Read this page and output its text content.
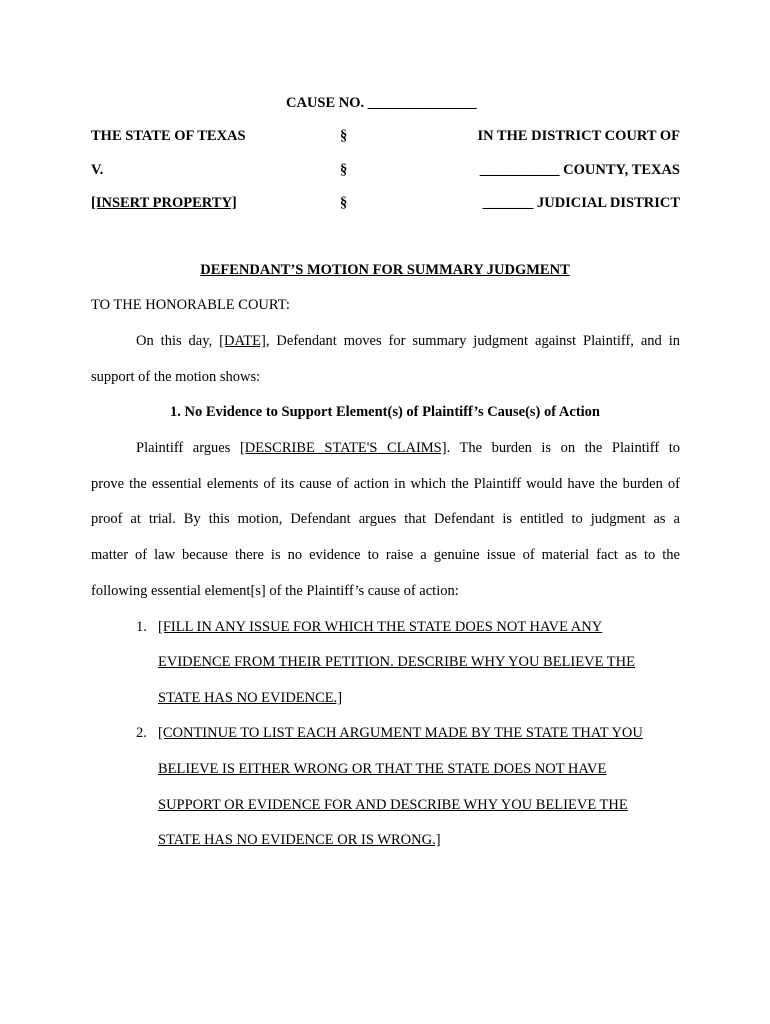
CAUSE NO. _______________
THE STATE OF TEXAS	§	IN THE DISTRICT COURT OF
V.	§	___________ COUNTY, TEXAS
[INSERT PROPERTY]	§	_______ JUDICIAL DISTRICT
DEFENDANT’S MOTION FOR SUMMARY JUDGMENT
TO THE HONORABLE COURT:
On this day, [DATE], Defendant moves for summary judgment against Plaintiff, and in
support of the motion shows:
1. No Evidence to Support Element(s) of Plaintiff’s Cause(s) of Action
Plaintiff argues [DESCRIBE STATE'S CLAIMS]. The burden is on the Plaintiff to
prove the essential elements of its cause of action in which the Plaintiff would have the burden of
proof at trial. By this motion, Defendant argues that Defendant is entitled to judgment as a
matter of law because there is no evidence to raise a genuine issue of material fact as to the
following essential element[s] of the Plaintiff’s cause of action:
1. [FILL IN ANY ISSUE FOR WHICH THE STATE DOES NOT HAVE ANY
EVIDENCE FROM THEIR PETITION. DESCRIBE WHY YOU BELIEVE THE
STATE HAS NO EVIDENCE.]
2. [CONTINUE TO LIST EACH ARGUMENT MADE BY THE STATE THAT YOU
BELIEVE IS EITHER WRONG OR THAT THE STATE DOES NOT HAVE
SUPPORT OR EVIDENCE FOR AND DESCRIBE WHY YOU BELIEVE THE
STATE HAS NO EVIDENCE OR IS WRONG.]
